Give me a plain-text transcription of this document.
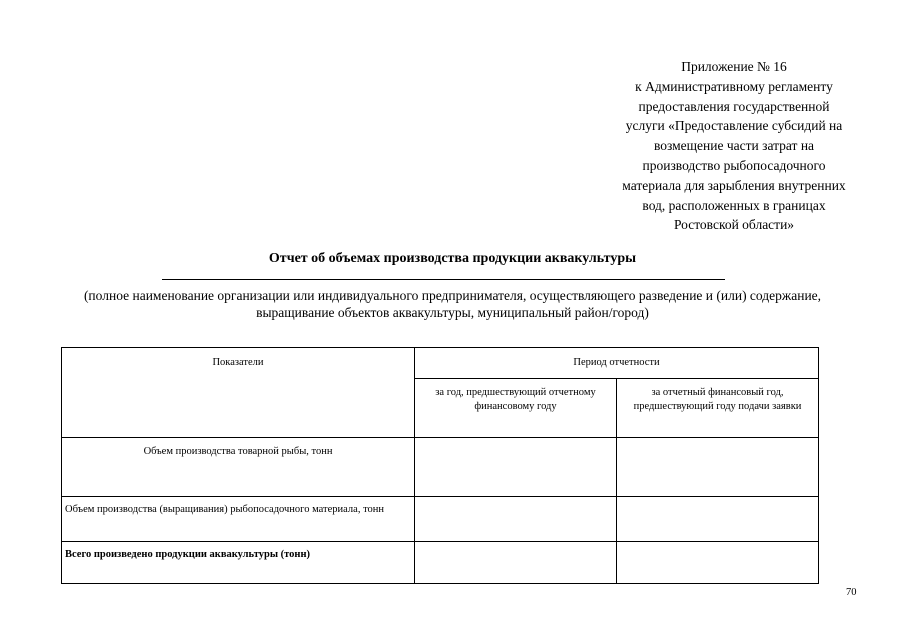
Приложение № 16
к Административному регламенту
предоставления государственной
услуги «Предоставление субсидий на
возмещение части затрат на
производство рыбопосадочного
материала для зарыбления внутренних
вод, расположенных в границах
Ростовской области»
Отчет об объемах производства продукции аквакультуры
(полное наименование организации или индивидуального предпринимателя, осуществляющего разведение и (или) содержание,
выращивание объектов аквакультуры, муниципальный район/город)
Показатели	Период отчетности	
	за год, предшествующий отчетному финансовому году	за отчетный финансовый год, предшествующий году подачи заявки
Объем производства товарной рыбы, тонн		
Объем производства (выращивания) рыбопосадочного материала, тонн		
Всего произведено продукции аквакультуры (тонн)		
70
